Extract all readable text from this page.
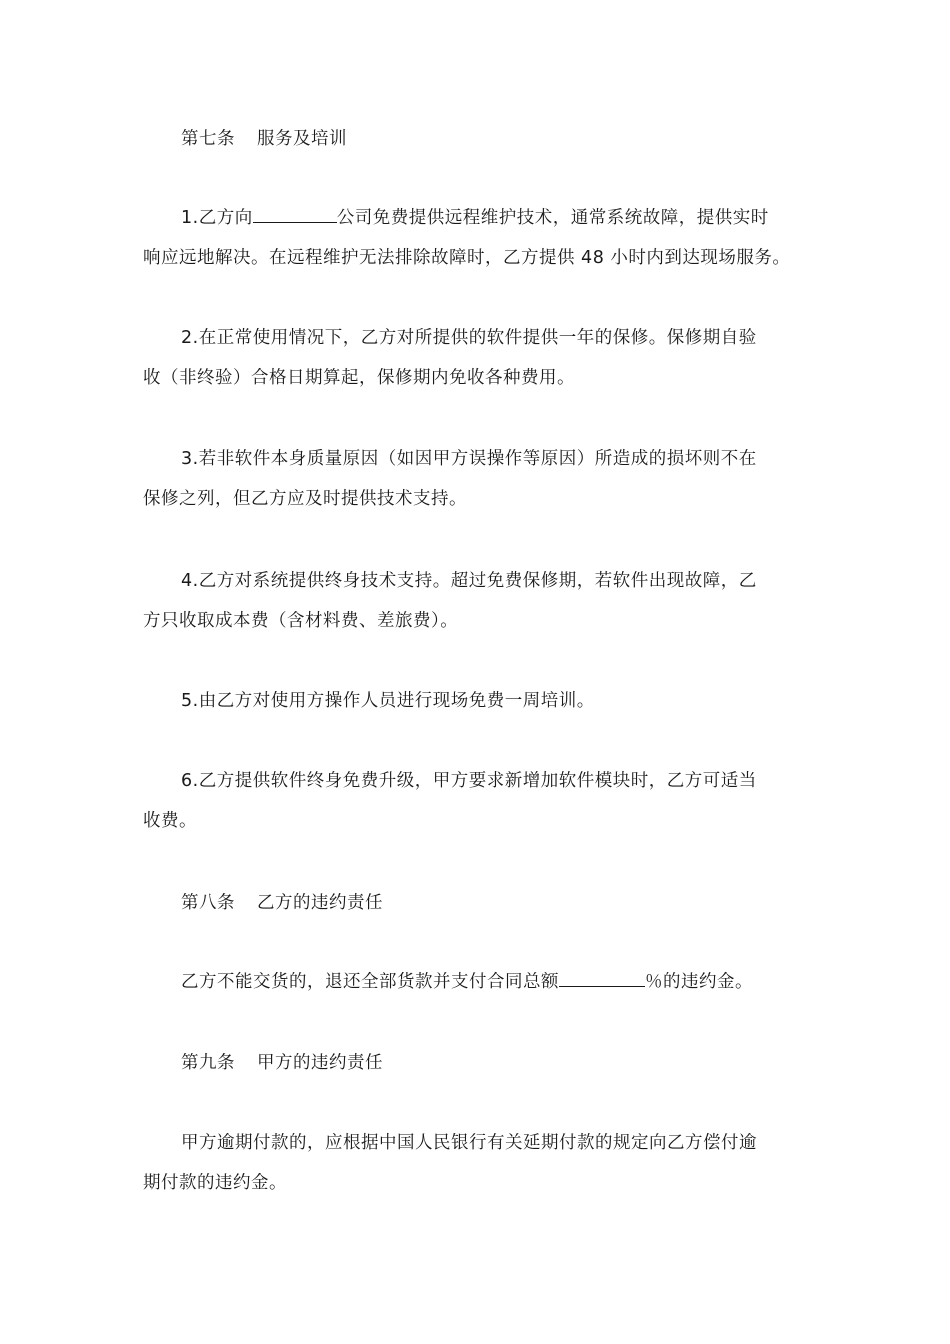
第七条 服务及培训

1.乙方向	公司免费提供远程维护技术，通常系统故障，提供实时
响应远地解决。在远程维护无法排除故障时，乙方提供 48 小时内到达现场服务。
2.在正常使用情况下，乙方对所提供的软件提供一年的保修。保修期自验
收（非终验）合格日期算起，保修期内免收各种费用。
3.若非软件本身质量原因（如因甲方误操作等原因）所造成的损坏则不在
保修之列，但乙方应及时提供技术支持。
4.乙方对系统提供终身技术支持。超过免费保修期，若软件出现故障，乙
方只收取成本费（含材料费、差旅费）。
5.由乙方对使用方操作人员进行现场免费一周培训。
6.乙方提供软件终身免费升级，甲方要求新增加软件模块时，乙方可适当
收费。

第八条 乙方的违约责任

乙方不能交货的，退还全部货款并支付合同总额	％的违约金。

第九条 甲方的违约责任

甲方逾期付款的，应根据中国人民银行有关延期付款的规定向乙方偿付逾
期付款的违约金。
